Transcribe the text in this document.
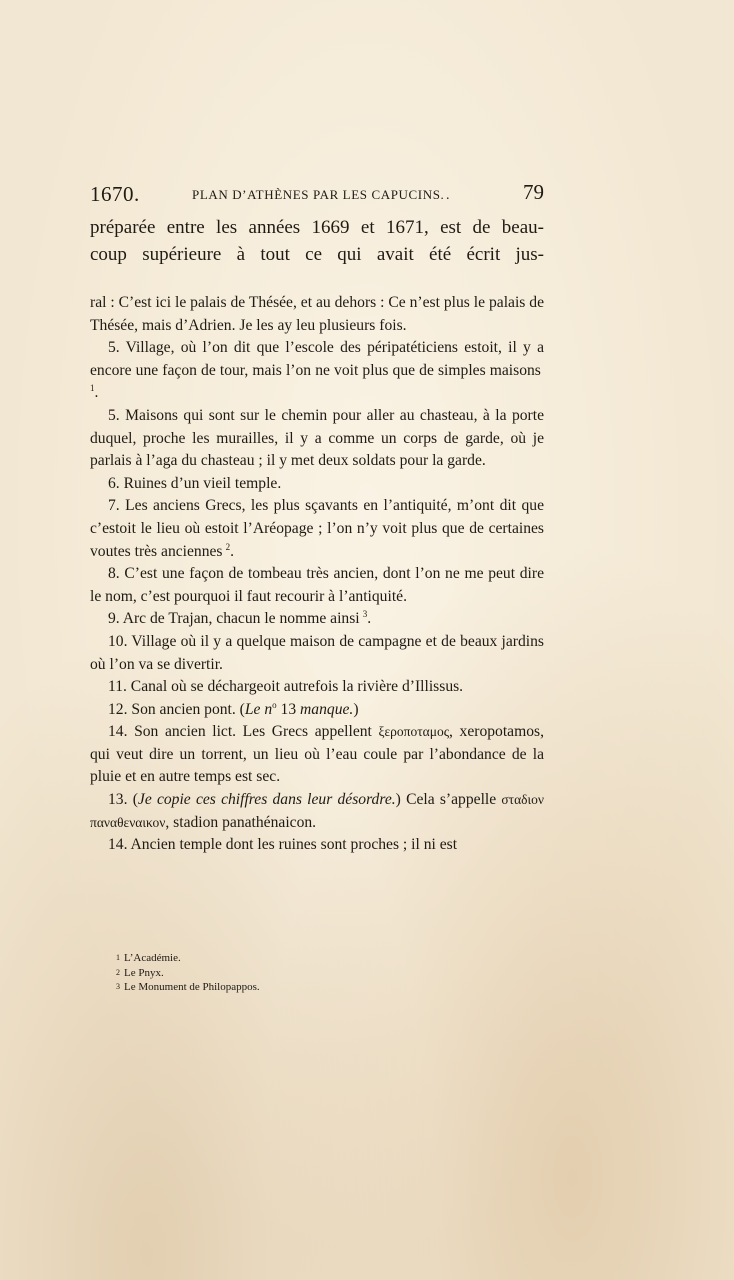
1670.	PLAN D’ATHÈNES PAR LES CAPUCINS. .	79

préparée entre les années 1669 et 1671, est de beau-

coup supérieure à tout ce qui avait été écrit jus-

ral : C’est ici le palais de Thésée, et au dehors : Ce n’est plus le palais de Thésée, mais d’Adrien. Je les ay leu plusieurs fois.

5. Village, où l’on dit que l’escole des péripatéticiens estoit, il y a encore une façon de tour, mais l’on ne voit plus que de simples maisons $^1$.

5. Maisons qui sont sur le chemin pour aller au chasteau, à la porte duquel, proche les murailles, il y a comme un corps de garde, où je parlais à l’aga du chasteau ; il y met deux soldats pour la garde.

6. Ruines d’un vieil temple.

7. Les anciens Grecs, les plus sçavants en l’antiquité, m’ont dit que c’estoit le lieu où estoit l’Aréopage ; l’on n’y voit plus que de certaines voutes très anciennes  $^2$.

8. C’est une façon de tombeau très ancien, dont l’on ne me peut dire le nom, c’est pourquoi il faut recourir à l’antiquité.

9. Arc de Trajan, chacun le nomme ainsi  $^3$.

10. Village où il y a quelque maison de campagne et de beaux jardins où l’on va se divertir.

11. Canal où se déchargeoit autrefois la rivière d’Illissus.

12. Son ancien pont. (Le $n^o$ 13 manque.)

14. Son ancien lict. Les Grecs appellent ξεροποταμος, xeropotamos, qui veut dire un torrent, un lieu où l’eau coule par l’abondance de la pluie et en autre temps est sec.

13. (Je copie ces chiffres dans leur désordre.) Cela s’appelle σταδιον παναθεναικον, stadion panathénaicon.

14. Ancien temple dont les ruines sont proches ; il ni est

1 L’Académie.
2 Le Pnyx.
3 Le Monument de Philopappos.
